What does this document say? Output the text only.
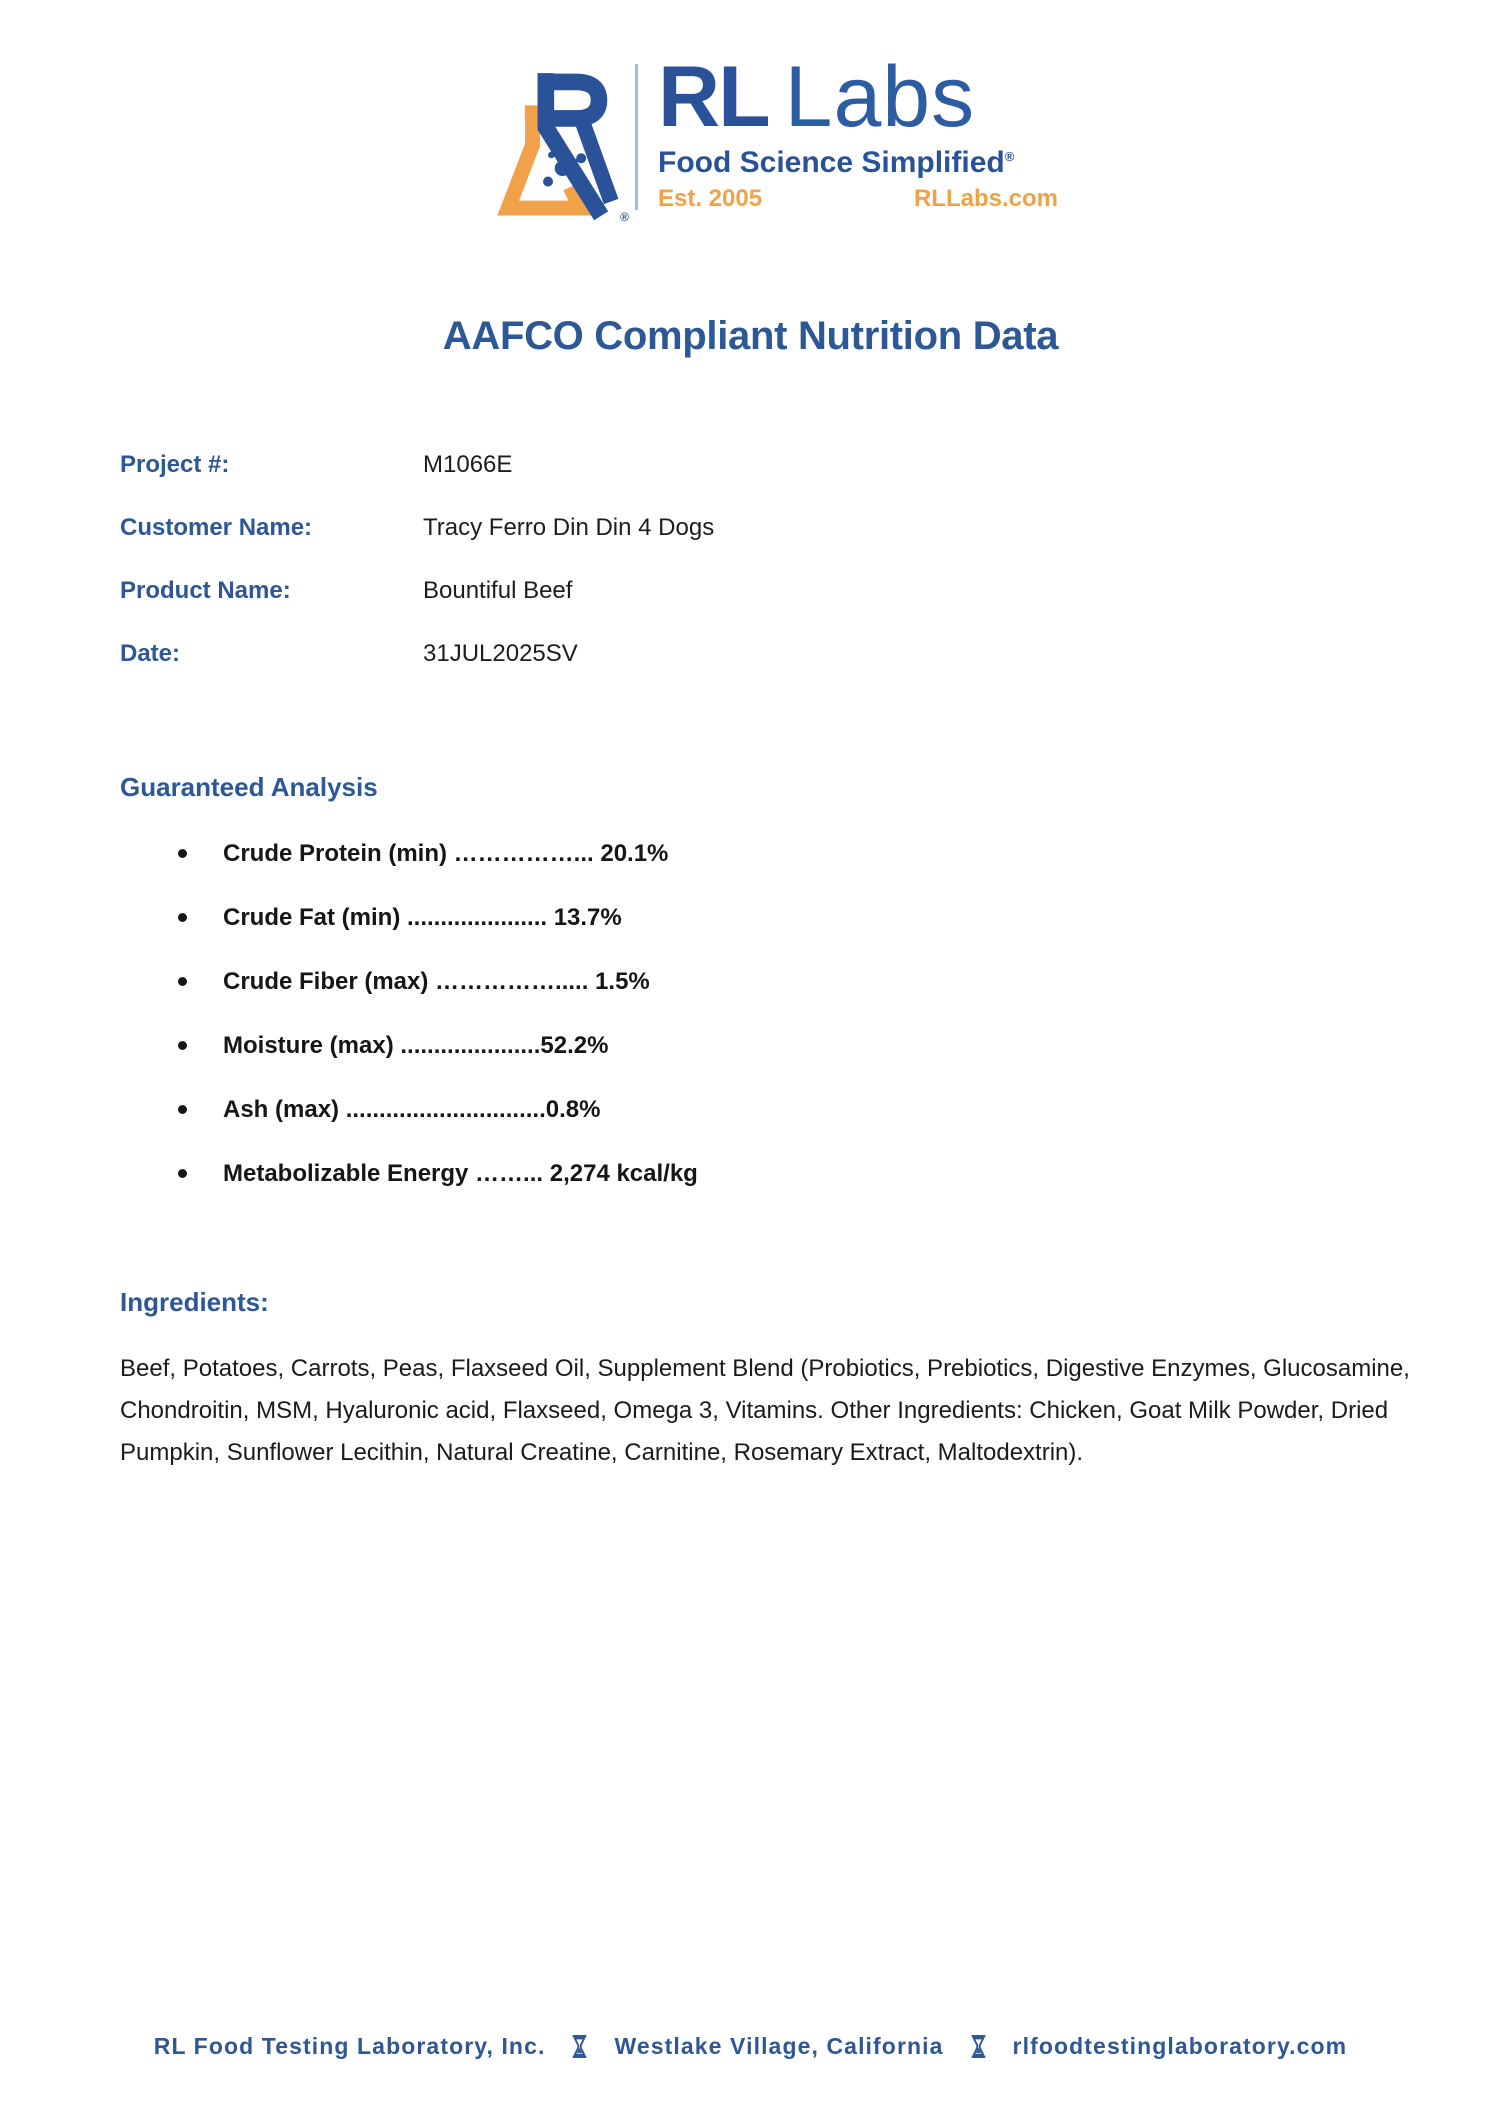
®
RL Labs
Food Science Simplified®
Est. 2005	RLLabs.com
AAFCO Compliant Nutrition Data
Project #:	M1066E
Customer Name:	Tracy Ferro Din Din 4 Dogs
Product Name:	Bountiful Beef
Date:	31JUL2025SV
Guaranteed Analysis
Crude Protein (min) ……………... 20.1%
Crude Fat (min) ..................... 13.7%
Crude Fiber (max) ……………..... 1.5%
Moisture (max) .....................52.2%
Ash (max) ..............................0.8%
Metabolizable Energy ……... 2,274 kcal/kg
Ingredients:
Beef, Potatoes, Carrots, Peas, Flaxseed Oil, Supplement Blend (Probiotics, Prebiotics, Digestive Enzymes, Glucosamine, Chondroitin, MSM, Hyaluronic acid, Flaxseed, Omega 3, Vitamins. Other Ingredients: Chicken, Goat Milk Powder, Dried Pumpkin, Sunflower Lecithin, Natural Creatine, Carnitine, Rosemary Extract, Maltodextrin).
RL Food Testing Laboratory, Inc.	Westlake Village, California	rlfoodtestinglaboratory.com
